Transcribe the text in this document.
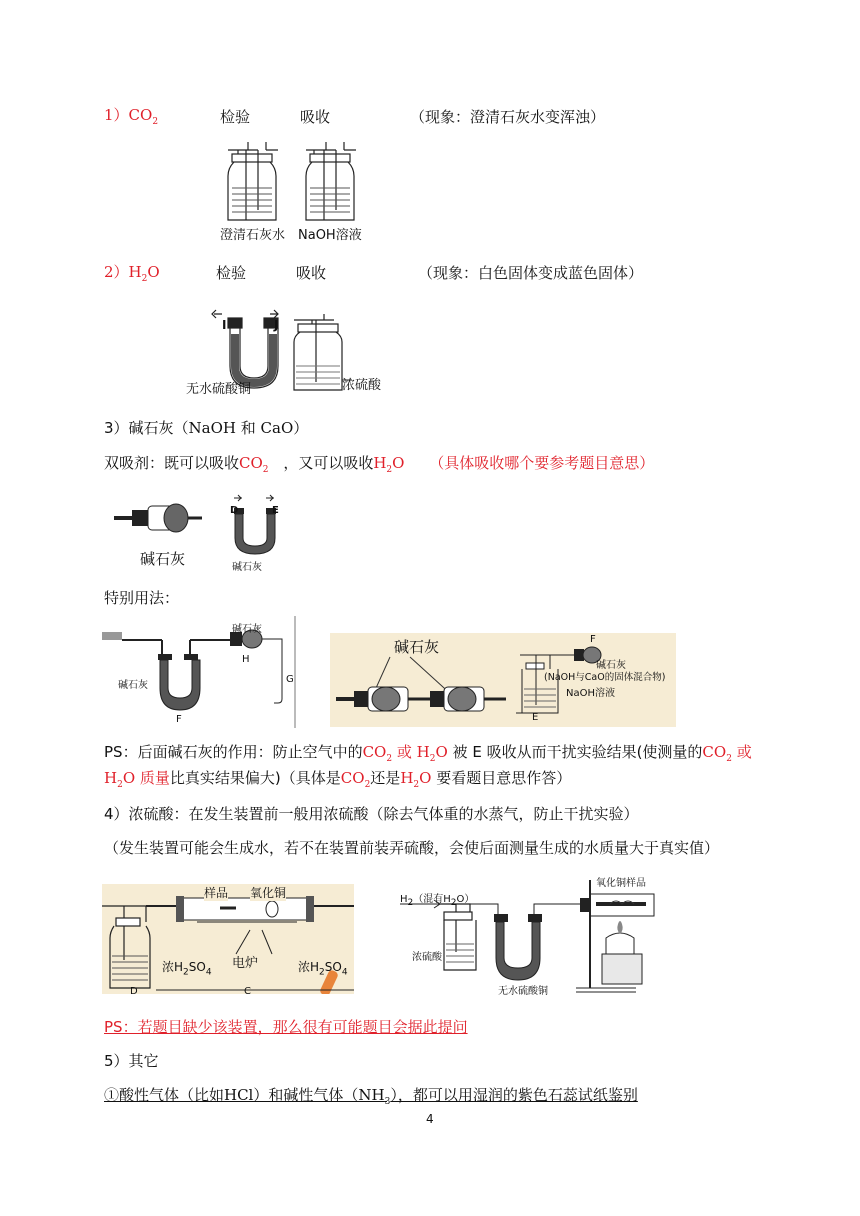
$1)CO_2$	检验	吸收	（现象：澄清石灰水变浑浊）
澄清石灰水 NaOH溶液
$2)H_2O$	检验	吸收	（现象：白色固体变成蓝色固体）
I	J
无水硫酸铜	浓硫酸
3）碱石灰（NaOH 和 CaO）
双吸剂：既可以吸收$CO_2$ ，又可以吸收$H_2O$ （具体吸收哪个要参考题目意思）
碱石灰
D	E
碱石灰
特别用法：
碱石灰
H
碱石灰
F
G
碱石灰	F
碱石灰
(NaOH与CaO的固体混合物)
NaOH溶液
E
PS：后面碱石灰的作用：防止空气中的$CO_2$ 或 $H_2O$ 被 E 吸收从而干扰实验结果(使测量的$CO_2$ 或
$H_2O$ 质量比真实结果偏大)（具体是$CO_2$还是$H_2O$ 要看题目意思作答）
4）浓硫酸：在发生装置前一般用浓硫酸（除去气体重的水蒸气，防止干扰实验）
（发生装置可能会生成水，若不在装置前装弄硫酸，会使后面测量生成的水质量大于真实值）
样品 氧化铜
电炉
浓$H_2SO_4$	浓$H_2SO_4$
D	C
$H_2$（混有$H_2O$）
氧化铜样品
浓硫酸
无水硫酸铜
PS：若题目缺少该装置，那么很有可能题目会据此提问
5）其它
①酸性气体（比如HCl）和碱性气体$(NH_3)$，都可以用湿润的紫色石蕊试纸鉴别
4
